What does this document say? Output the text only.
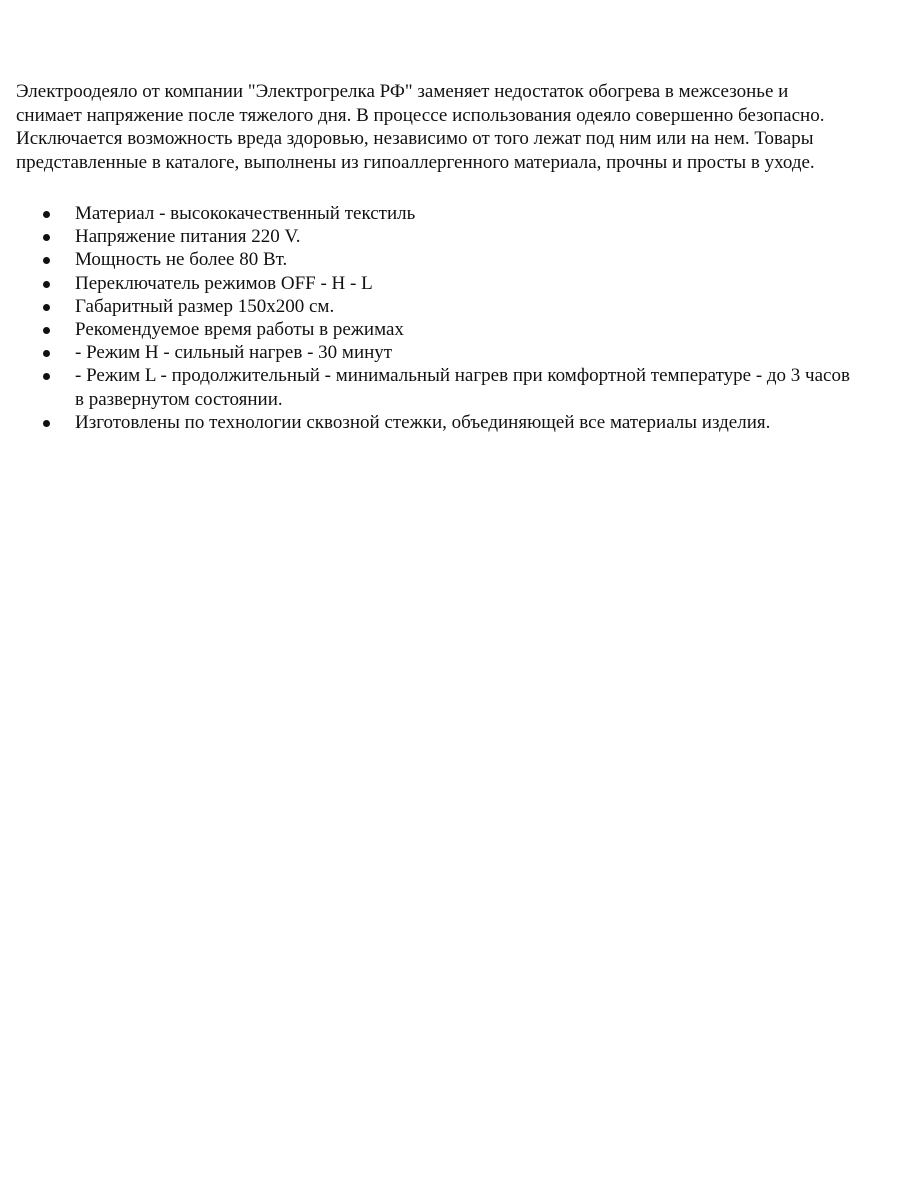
Электроодеяло от компании "Электрогрелка РФ" заменяет недостаток обогрева в межсезонье и
снимает напряжение после тяжелого дня. В процессе использования одеяло совершенно безопасно.
Исключается возможность вреда здоровью, независимо от того лежат под ним или на нем. Товары
представленные в каталоге, выполнены из гипоаллергенного материала, прочны и просты в уходе.

Материал - высококачественный текстиль
Напряжение питания 220 V.
Мощность не более 80 Вт.
Переключатель режимов OFF - H - L
Габаритный размер 150х200 см.
Рекомендуемое время работы в режимах
- Режим H - сильный нагрев - 30 минут
- Режим L - продолжительный - минимальный нагрев при комфортной температуре - до 3 часов
в развернутом состоянии.
Изготовлены по технологии сквозной стежки, объединяющей все материалы изделия.
